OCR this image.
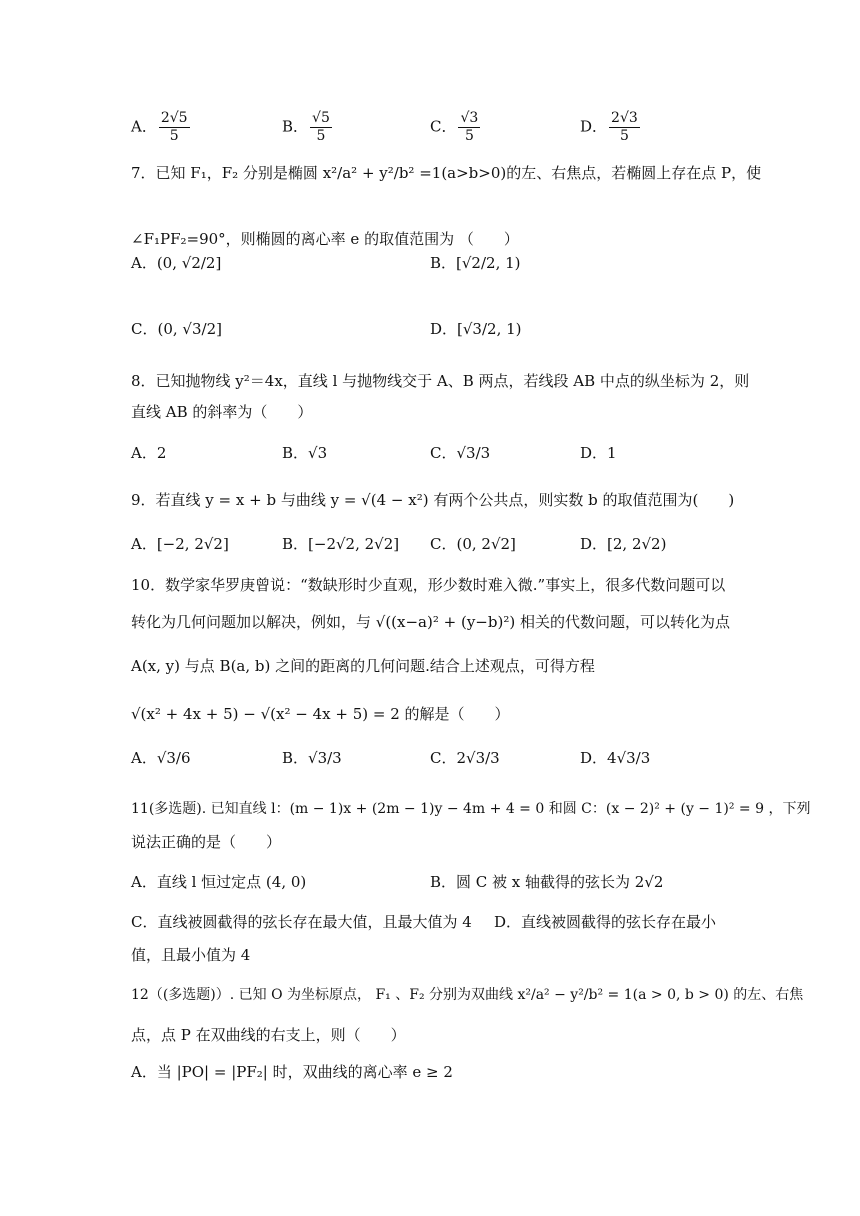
A． $\frac{2√5}{5}$	B． $\frac{√5}{5}$	C． $\frac{√3}{5}$	D． $\frac{2√3}{5}$
7．已知 F₁，F₂ 分别是椭圆 x²/a² + y²/b² =1(a>b>0)的左、右焦点，若椭圆上存在点 P，使
∠F₁PF₂=90°，则椭圆的离心率 e 的取值范围为 （　　）
A．(0, √2/2]	B．[√2/2, 1)
C．(0, √3/2]	D．[√3/2, 1)
8．已知抛物线 y²＝4x，直线 l 与抛物线交于 A、B 两点，若线段 AB 中点的纵坐标为 2，则
直线 AB 的斜率为（　　）
A．2	B．√3	C．√3/3	D．1
9．若直线 y = x + b 与曲线 y = √(4 − x²) 有两个公共点，则实数 b 的取值范围为(　　)
A．[−2, 2√2]	B．[−2√2, 2√2] C．(0, 2√2]	D．[2, 2√2)
10．数学家华罗庚曾说：“数缺形时少直观，形少数时难入微.”事实上，很多代数问题可以
转化为几何问题加以解决，例如，与 √((x−a)² + (y−b)²) 相关的代数问题，可以转化为点
A(x, y) 与点 B(a, b) 之间的距离的几何问题.结合上述观点，可得方程
√(x² + 4x + 5) − √(x² − 4x + 5) = 2 的解是（　　）
A．√3/6	B．√3/3	C．2√3/3	D．4√3/3
11(多选题). 已知直线 l：(m − 1)x + (2m − 1)y − 4m + 4 = 0 和圆 C：(x − 2)² + (y − 1)² = 9 ，下列
说法正确的是（　　）
A．直线 l 恒过定点 (4, 0)	B．圆 C 被 x 轴截得的弦长为 2√2
C．直线被圆截得的弦长存在最大值，且最大值为 4 D．直线被圆截得的弦长存在最小
值，且最小值为 4
12（(多选题)）. 已知 O 为坐标原点， F₁ 、F₂ 分别为双曲线 x²/a² − y²/b² = 1(a > 0, b > 0) 的左、右焦
点，点 P 在双曲线的右支上，则（　　）
A．当 |PO| = |PF₂| 时，双曲线的离心率 e ≥ 2
